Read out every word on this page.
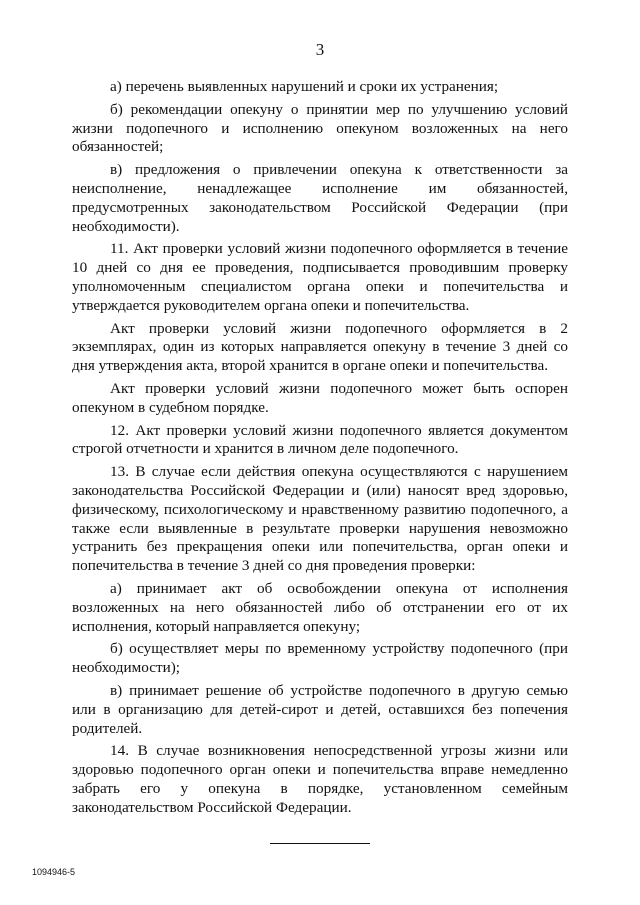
3

а) перечень выявленных нарушений и сроки их устранения;

б) рекомендации опекуну о принятии мер по улучшению условий жизни подопечного и исполнению опекуном возложенных на него обязанностей;

в) предложения о привлечении опекуна к ответственности за неисполнение, ненадлежащее исполнение им обязанностей, предусмотренных законодательством Российской Федерации (при необходимости).

11. Акт проверки условий жизни подопечного оформляется в течение 10 дней со дня ее проведения, подписывается проводившим проверку уполномоченным специалистом органа опеки и попечительства и утверждается руководителем органа опеки и попечительства.

Акт проверки условий жизни подопечного оформляется в 2 экземплярах, один из которых направляется опекуну в течение 3 дней со дня утверждения акта, второй хранится в органе опеки и попечительства.

Акт проверки условий жизни подопечного может быть оспорен опекуном в судебном порядке.

12. Акт проверки условий жизни подопечного является документом строгой отчетности и хранится в личном деле подопечного.

13. В случае если действия опекуна осуществляются с нарушением законодательства Российской Федерации и (или) наносят вред здоровью, физическому, психологическому и нравственному развитию подопечного, а также если выявленные в результате проверки нарушения невозможно устранить без прекращения опеки или попечительства, орган опеки и попечительства в течение 3 дней со дня проведения проверки:

а) принимает акт об освобождении опекуна от исполнения возложенных на него обязанностей либо об отстранении его от их исполнения, который направляется опекуну;

б) осуществляет меры по временному устройству подопечного (при необходимости);

в) принимает решение об устройстве подопечного в другую семью или в организацию для детей-сирот и детей, оставшихся без попечения родителей.

14. В случае возникновения непосредственной угрозы жизни или здоровью подопечного орган опеки и попечительства вправе немедленно забрать его у опекуна в порядке, установленном семейным законодательством Российской Федерации.

1094946-5
